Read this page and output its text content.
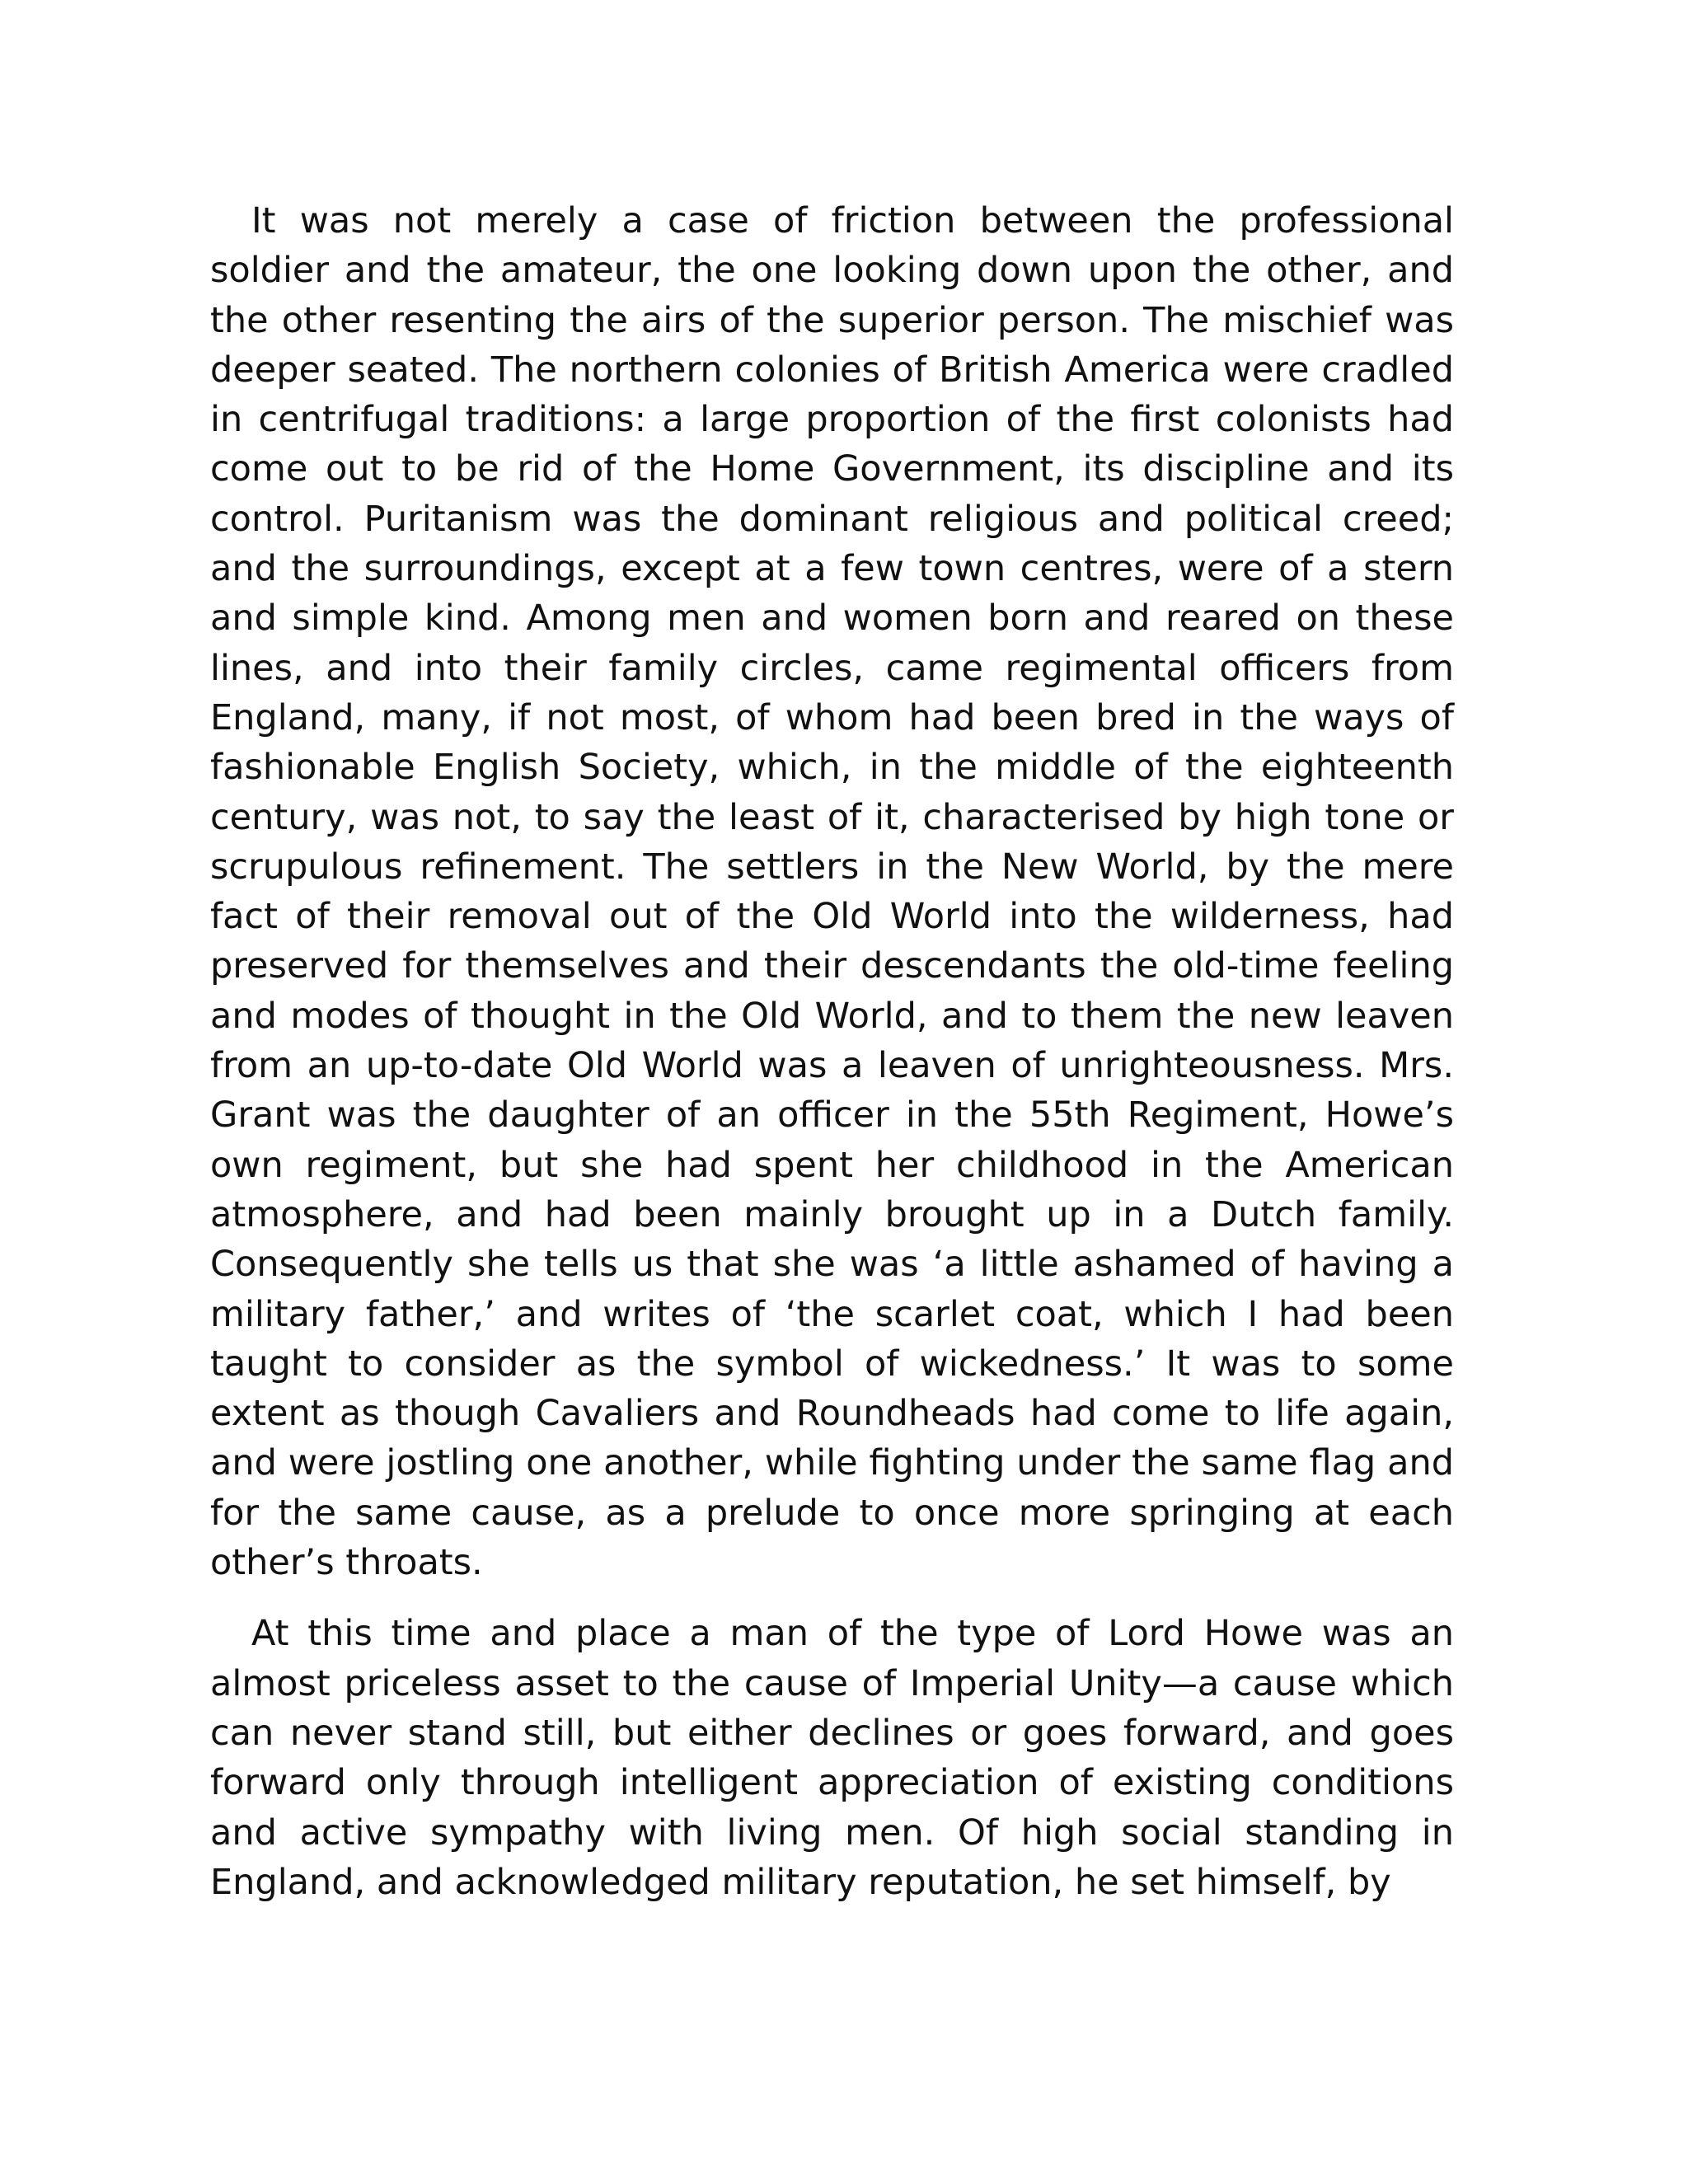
It was not merely a case of friction between the professional soldier and the amateur, the one looking down upon the other, and the other resenting the airs of the superior person. The mischief was deeper seated. The northern colonies of British America were cradled in centrifugal traditions: a large proportion of the first colonists had come out to be rid of the Home Government, its discipline and its control. Puritanism was the dominant religious and political creed; and the surroundings, except at a few town centres, were of a stern and simple kind. Among men and women born and reared on these lines, and into their family circles, came regimental officers from England, many, if not most, of whom had been bred in the ways of fashionable English Society, which, in the middle of the eighteenth century, was not, to say the least of it, characterised by high tone or scrupulous refinement. The settlers in the New World, by the mere fact of their removal out of the Old World into the wilderness, had preserved for themselves and their descendants the old-time feeling and modes of thought in the Old World, and to them the new leaven from an up-to-date Old World was a leaven of unrighteousness. Mrs. Grant was the daughter of an officer in the 55th Regiment, Howe’s own regiment, but she had spent her childhood in the American atmosphere, and had been mainly brought up in a Dutch family. Consequently she tells us that she was ‘a little ashamed of having a military father,’ and writes of ‘the scarlet coat, which I had been taught to consider as the symbol of wickedness.’ It was to some extent as though Cavaliers and Roundheads had come to life again, and were jostling one another, while fighting under the same flag and for the same cause, as a prelude to once more springing at each other’s throats.

At this time and place a man of the type of Lord Howe was an almost priceless asset to the cause of Imperial Unity—a cause which can never stand still, but either declines or goes forward, and goes forward only through intelligent appreciation of existing conditions and active sympathy with living men. Of high social standing in England, and acknowledged military reputation, he set himself, by
